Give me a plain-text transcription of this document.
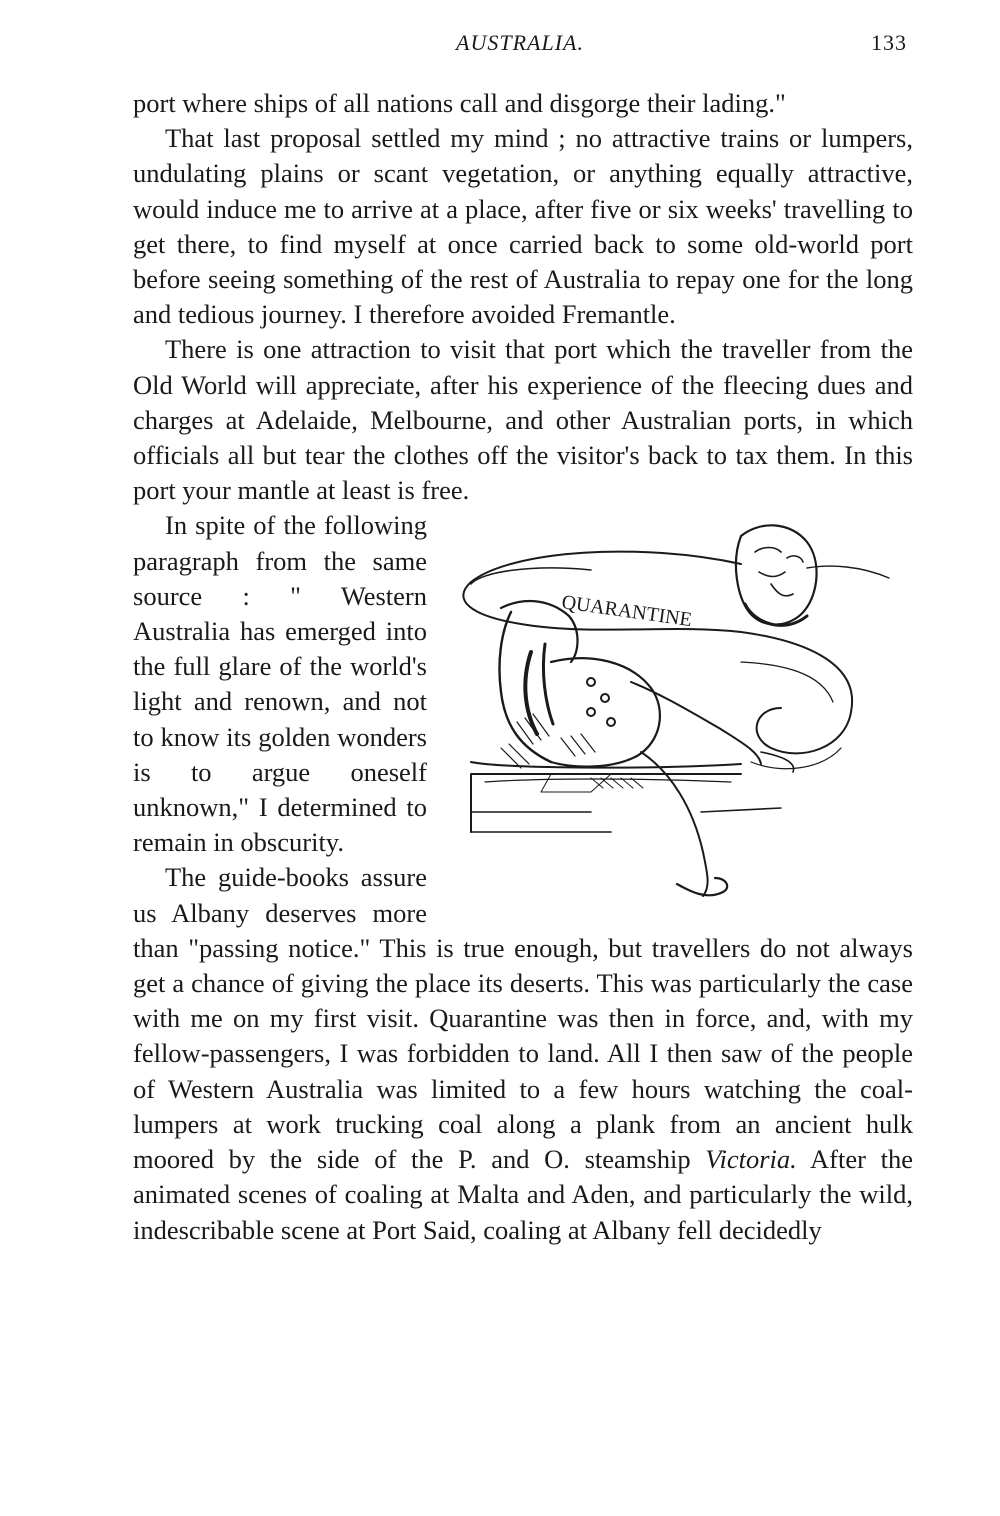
AUSTRALIA.	133

port where ships of all nations call and disgorge their lading."

That last proposal settled my mind ; no attractive trains or lumpers, undulating plains or scant vegetation, or anything equally attractive, would induce me to arrive at a place, after five or six weeks' travelling to get there, to find myself at once carried back to some old-world port before seeing something of the rest of Australia to repay one for the long and tedious journey. I therefore avoided Fremantle.

There is one attraction to visit that port which the traveller from the Old World will appreciate, after his experience of the fleecing dues and charges at Adelaide, Melbourne, and other Australian ports, in which officials all but tear the clothes off the visitor's back to tax them. In this port your mantle at least is free.

QUARANTINE

In spite of the following paragraph from the same source : " Western Australia has emerged into the full glare of the world's light and renown, and not to know its golden wonders is to argue oneself unknown," I determined to remain in obscurity.

The guide-books assure us Albany deserves more than "passing notice." This is true enough, but travellers do not always get a chance of giving the place its deserts. This was particularly the case with me on my first visit. Quarantine was then in force, and, with my fellow-passengers, I was forbidden to land. All I then saw of the people of Western Australia was limited to a few hours watching the coal-lumpers at work trucking coal along a plank from an ancient hulk moored by the side of the P. and O. steamship Victoria. After the animated scenes of coaling at Malta and Aden, and particularly the wild, indescribable scene at Port Said, coaling at Albany fell decidedly
